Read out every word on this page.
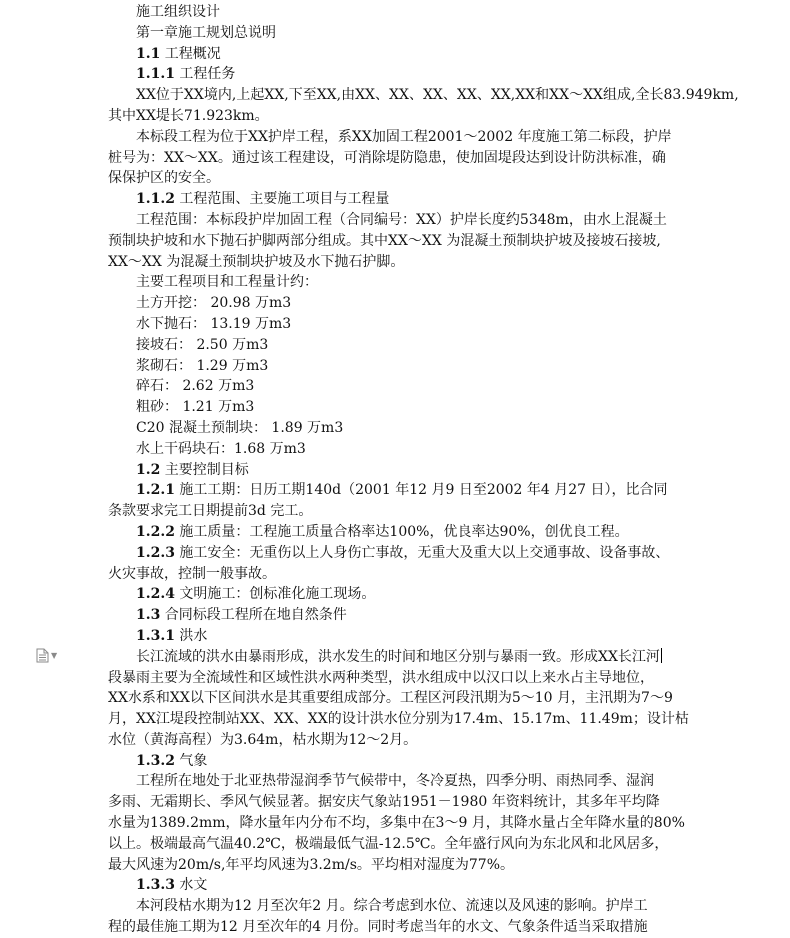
▼
施工组织设计
第一章施工规划总说明
1.1 工程概况
1.1.1 工程任务
XX位于XX境内,上起XX,下至XX,由XX、XX、XX、XX、XX,XX和XX～XX组成,全长83.949km,
其中XX堤长71.923km。
本标段工程为位于XX护岸工程，系XX加固工程2001～2002 年度施工第二标段，护岸
桩号为：XX～XX。通过该工程建设，可消除堤防隐患，使加固堤段达到设计防洪标准，确
保保护区的安全。
1.1.2 工程范围、主要施工项目与工程量
工程范围：本标段护岸加固工程（合同编号：XX）护岸长度约5348m，由水上混凝土
预制块护坡和水下抛石护脚两部分组成。其中XX～XX 为混凝土预制块护坡及接坡石接坡,
XX～XX 为混凝土预制块护坡及水下抛石护脚。
主要工程项目和工程量计约：
土方开挖： 20.98 万m3
水下抛石： 13.19 万m3
接坡石： 2.50 万m3
浆砌石： 1.29 万m3
碎石： 2.62 万m3
粗砂： 1.21 万m3
C20 混凝土预制块： 1.89 万m3
水上干码块石：1.68 万m3
1.2 主要控制目标
1.2.1 施工工期：日历工期140d（2001 年12 月9 日至2002 年4 月27 日），比合同
条款要求完工日期提前3d 完工。
1.2.2 施工质量：工程施工质量合格率达100%，优良率达90%，创优良工程。
1.2.3 施工安全：无重伤以上人身伤亡事故，无重大及重大以上交通事故、设备事故、
火灾事故，控制一般事故。
1.2.4 文明施工：创标准化施工现场。
1.3 合同标段工程所在地自然条件
1.3.1 洪水
长江流域的洪水由暴雨形成，洪水发生的时间和地区分别与暴雨一致。形成XX长江河
段暴雨主要为全流域性和区域性洪水两种类型，洪水组成中以汉口以上来水占主导地位，
XX水系和XX以下区间洪水是其重要组成部分。工程区河段汛期为5～10 月，主汛期为7～9
月，XX江堤段控制站XX、XX、XX的设计洪水位分别为17.4m、15.17m、11.49m；设计枯
水位（黄海高程）为3.64m，枯水期为12～2月。
1.3.2 气象
工程所在地处于北亚热带湿润季节气候带中，冬冷夏热，四季分明、雨热同季、湿润
多雨、无霜期长、季风气候显著。据安庆气象站1951－1980 年资料统计，其多年平均降
水量为1389.2mm，降水量年内分布不均，多集中在3～9 月，其降水量占全年降水量的80%
以上。极端最高气温40.2℃，极端最低气温-12.5℃。全年盛行风向为东北风和北风居多，
最大风速为20m/s,年平均风速为3.2m/s。平均相对湿度为77%。
1.3.3 水文
本河段枯水期为12 月至次年2 月。综合考虑到水位、流速以及风速的影响。护岸工
程的最佳施工期为12 月至次年的4 月份。同时考虑当年的水文、气象条件适当采取措施
